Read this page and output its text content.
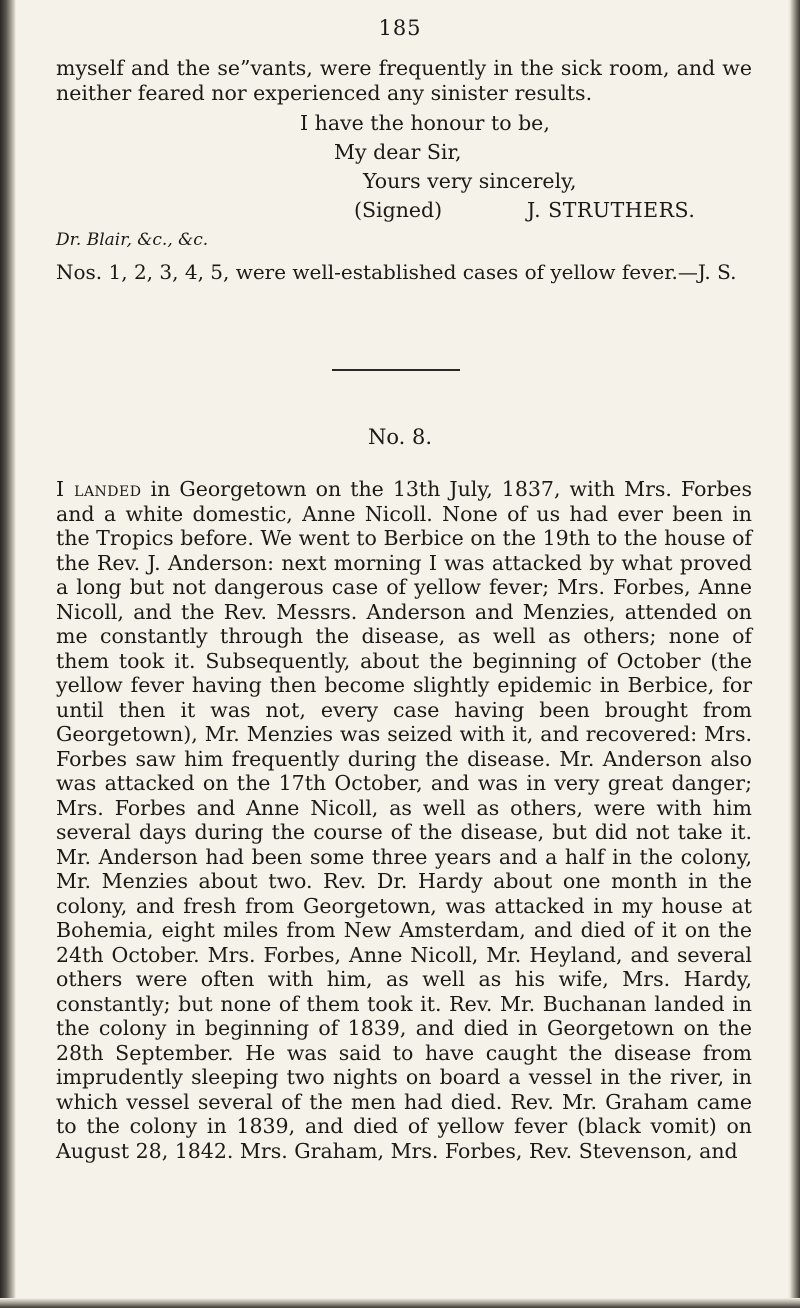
185

myself and the se”vants, were frequently in the sick room, and we neither feared nor experienced any sinister results.

I have the honour to be,
My dear Sir,
Yours very sincerely,
(Signed)	J. STRUTHERS.
Dr. Blair, &c., &c.
Nos. 1, 2, 3, 4, 5, were well-established cases of yellow fever.—J. S.
No. 8.

I landed in Georgetown on the 13th July, 1837, with Mrs. Forbes and a white domestic, Anne Nicoll. None of us had ever been in the Tropics before. We went to Berbice on the 19th to the house of the Rev. J. Anderson: next morning I was attacked by what proved a long but not dangerous case of yellow fever; Mrs. Forbes, Anne Nicoll, and the Rev. Messrs. Anderson and Menzies, attended on me constantly through the disease, as well as others; none of them took it. Subsequently, about the beginning of October (the yellow fever having then become slightly epidemic in Berbice, for until then it was not, every case having been brought from Georgetown), Mr. Menzies was seized with it, and recovered: Mrs. Forbes saw him frequently during the disease. Mr. Anderson also was attacked on the 17th October, and was in very great danger; Mrs. Forbes and Anne Nicoll, as well as others, were with him several days during the course of the disease, but did not take it. Mr. Anderson had been some three years and a half in the colony, Mr. Menzies about two. Rev. Dr. Hardy about one month in the colony, and fresh from Georgetown, was attacked in my house at Bohemia, eight miles from New Amsterdam, and died of it on the 24th October. Mrs. Forbes, Anne Nicoll, Mr. Heyland, and several others were often with him, as well as his wife, Mrs. Hardy, constantly; but none of them took it. Rev. Mr. Buchanan landed in the colony in beginning of 1839, and died in Georgetown on the 28th September. He was said to have caught the disease from imprudently sleeping two nights on board a vessel in the river, in which vessel several of the men had died. Rev. Mr. Graham came to the colony in 1839, and died of yellow fever (black vomit) on August 28, 1842. Mrs. Graham, Mrs. Forbes, Rev. Stevenson, and
